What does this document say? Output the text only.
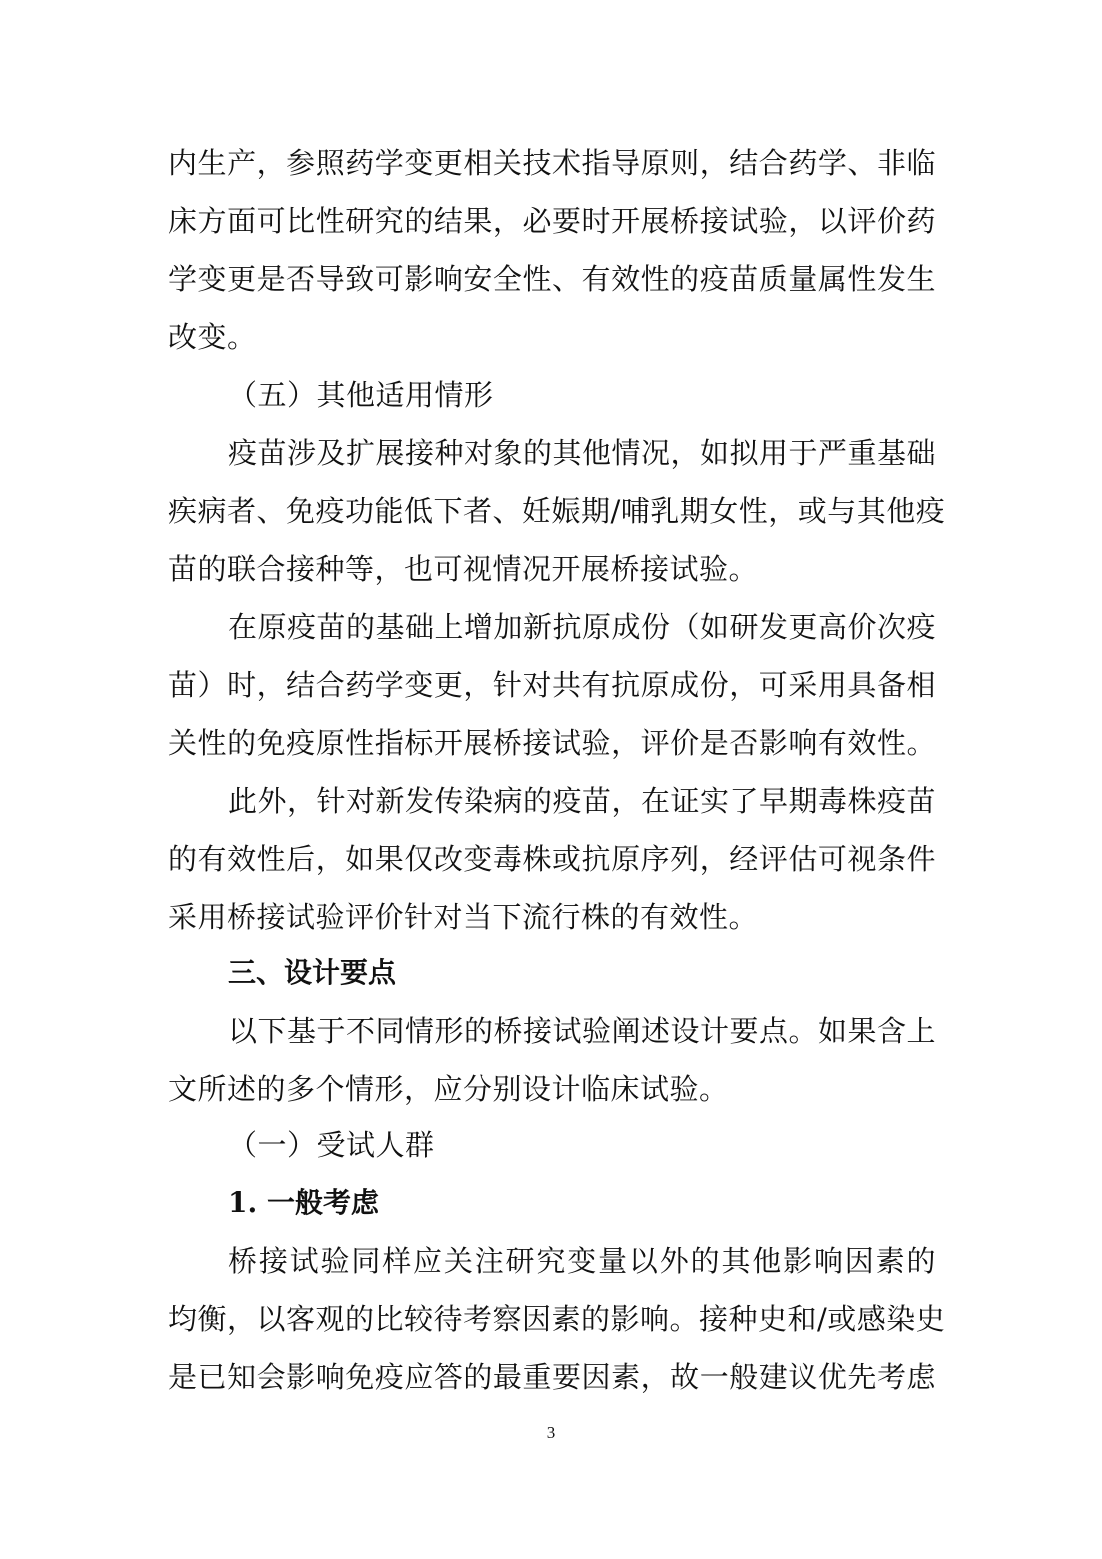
内生产，参照药学变更相关技术指导原则，结合药学、非临
床方面可比性研究的结果，必要时开展桥接试验，以评价药
学变更是否导致可影响安全性、有效性的疫苗质量属性发生
改变。
（五）其他适用情形
疫苗涉及扩展接种对象的其他情况，如拟用于严重基础
疾病者、免疫功能低下者、妊娠期/哺乳期女性，或与其他疫
苗的联合接种等，也可视情况开展桥接试验。
在原疫苗的基础上增加新抗原成份（如研发更高价次疫
苗）时，结合药学变更，针对共有抗原成份，可采用具备相
关性的免疫原性指标开展桥接试验，评价是否影响有效性。
此外，针对新发传染病的疫苗，在证实了早期毒株疫苗
的有效性后，如果仅改变毒株或抗原序列，经评估可视条件
采用桥接试验评价针对当下流行株的有效性。
三、设计要点
以下基于不同情形的桥接试验阐述设计要点。如果含上
文所述的多个情形，应分别设计临床试验。
（一）受试人群
1. 一般考虑
桥接试验同样应关注研究变量以外的其他影响因素的
均衡，以客观的比较待考察因素的影响。接种史和/或感染史
是已知会影响免疫应答的最重要因素，故一般建议优先考虑
3
